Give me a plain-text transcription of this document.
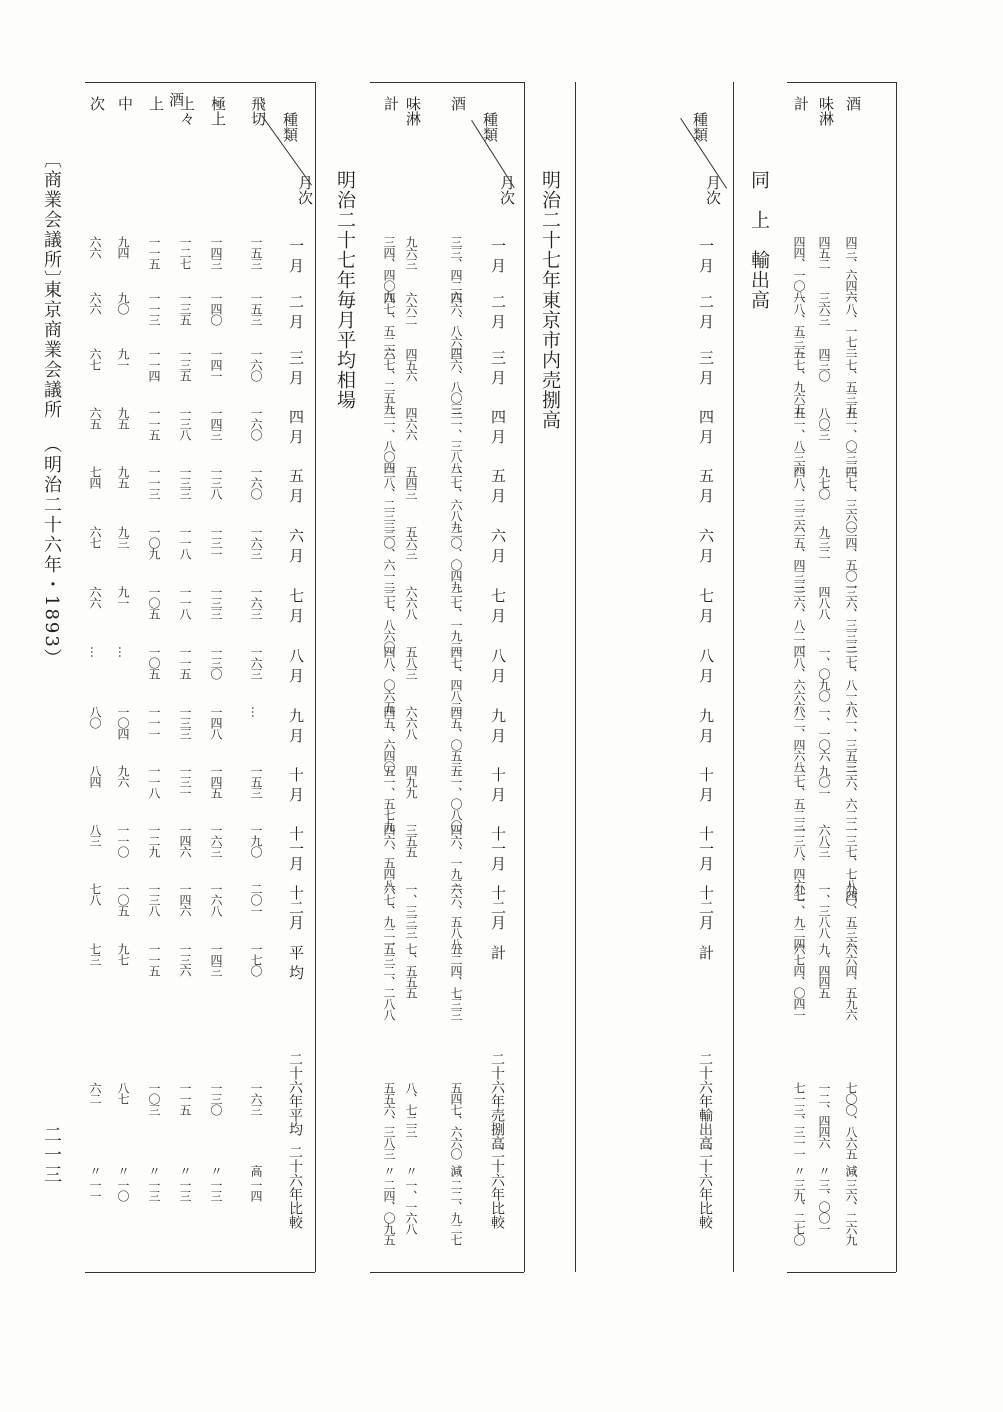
同　上　輸出高
種類
月次
一 月
二 月
三 月
四 月
五 月
六 月
七 月
八 月
九 月
十 月
十一月
十二月
計
二十六年輸出高
二十六年比較
酒
四三、六四六
一八、一七二
一七、五三五
五一、〇三三
四七、三六〇
二四、五〇一
三六、三三三
三七、八一六
八一、三五三
三六、六二二
一三七、七八四
九〇、五三六
六六四、五九六
七〇〇、八六五
減 三六、二六九
味淋
四五二
三六三
四三〇
八〇三
九七〇
九三二
四八八
一、〇九〇
一、一〇六
九〇一
六八三
一、三八八
九、四四五
一二、四四六
〃 三、〇〇一
計
四四、一〇八
一八、五三五
一七、九六五
五一、八三六
四八、三三六
二五、四三三
三六、八二一
四八、六六六
八二、四六八
三七、五二三
一三八、四六七
九一、九二四
六七四、〇四一
七一三、三一一
〃 三九、二七〇
明治二十七年東京市内売捌高
種類
月次
一 月
二 月
三 月
四 月
五 月
六 月
七 月
八 月
九 月
十 月
十一月
十二月
計
二十六年売捌高
二十六年比較
酒
三三、四二六
四六、八六四
三六、八〇三
三一、三八八
三七、六八九
三〇、〇四九
三七、一九二
四七、四八二
四五、〇五二
五一、〇八〇
四六、一九三
六六、五八八
五二四、七三三
五四七、六六〇
減 二二、九二七
味淋
九六三
六六二
四五六
四六六
五四三
五六三
六六八
五八三
六六八
四九九
三五五
一、三三三
七、五五五
八、七二三
〃 一、一六八
計
三四、四〇九
四七、五二六
三七、二五九
三一、八〇四
三八、二三二
三〇、六一二
三七、八六〇
四八、〇六五
四五、六四〇
五一、五七九
四六、五四八
六七、九二一
五三二、二八八
五五六、三八三
〃 二四、〇九五
明治二十七年毎月平均相場
種類
月次
一 月
二 月
三 月
四 月
五 月
六 月
七 月
八 月
九 月
十 月
十一月
十二月
平 均
二十六年平均
二十六年比較
酒	飛切
一五三
一五三
一六〇
一六〇
一六〇
一六三
一六三
一六三
…
一五三
一九〇
二〇一
一七〇
一六三
高 一四
極上
一四三
一四〇
一四一
一四三
一三八
一三一
一三三
一三〇
一四八
一四五
一六三
一六八
一四三
一三〇
〃 一三
上々
一二七
一三五
一三五
一三八
一三三
一一八
一一八
一一五
一三三
一三一
一四六
一四六
一三六
一一五
〃 一三
上
一一五
一一三
一一四
一一五
一一三
一〇九
一〇五
一〇五
一一一
一一八
一二九
一三八
一一五
一〇三
〃 一三
中
九四
九〇
九一
九五
九五
九三
九一
…
一〇四
九六
一一〇
一〇五
九七
八七
〃 一〇
次
六六
六六
六七
六五
七四
六七
六六
…
八〇
八四
八三
七八
七三
六二
〃 一一
〔商業会議所〕
東京商業会議所
（明治二十六年・1893）
二一三
